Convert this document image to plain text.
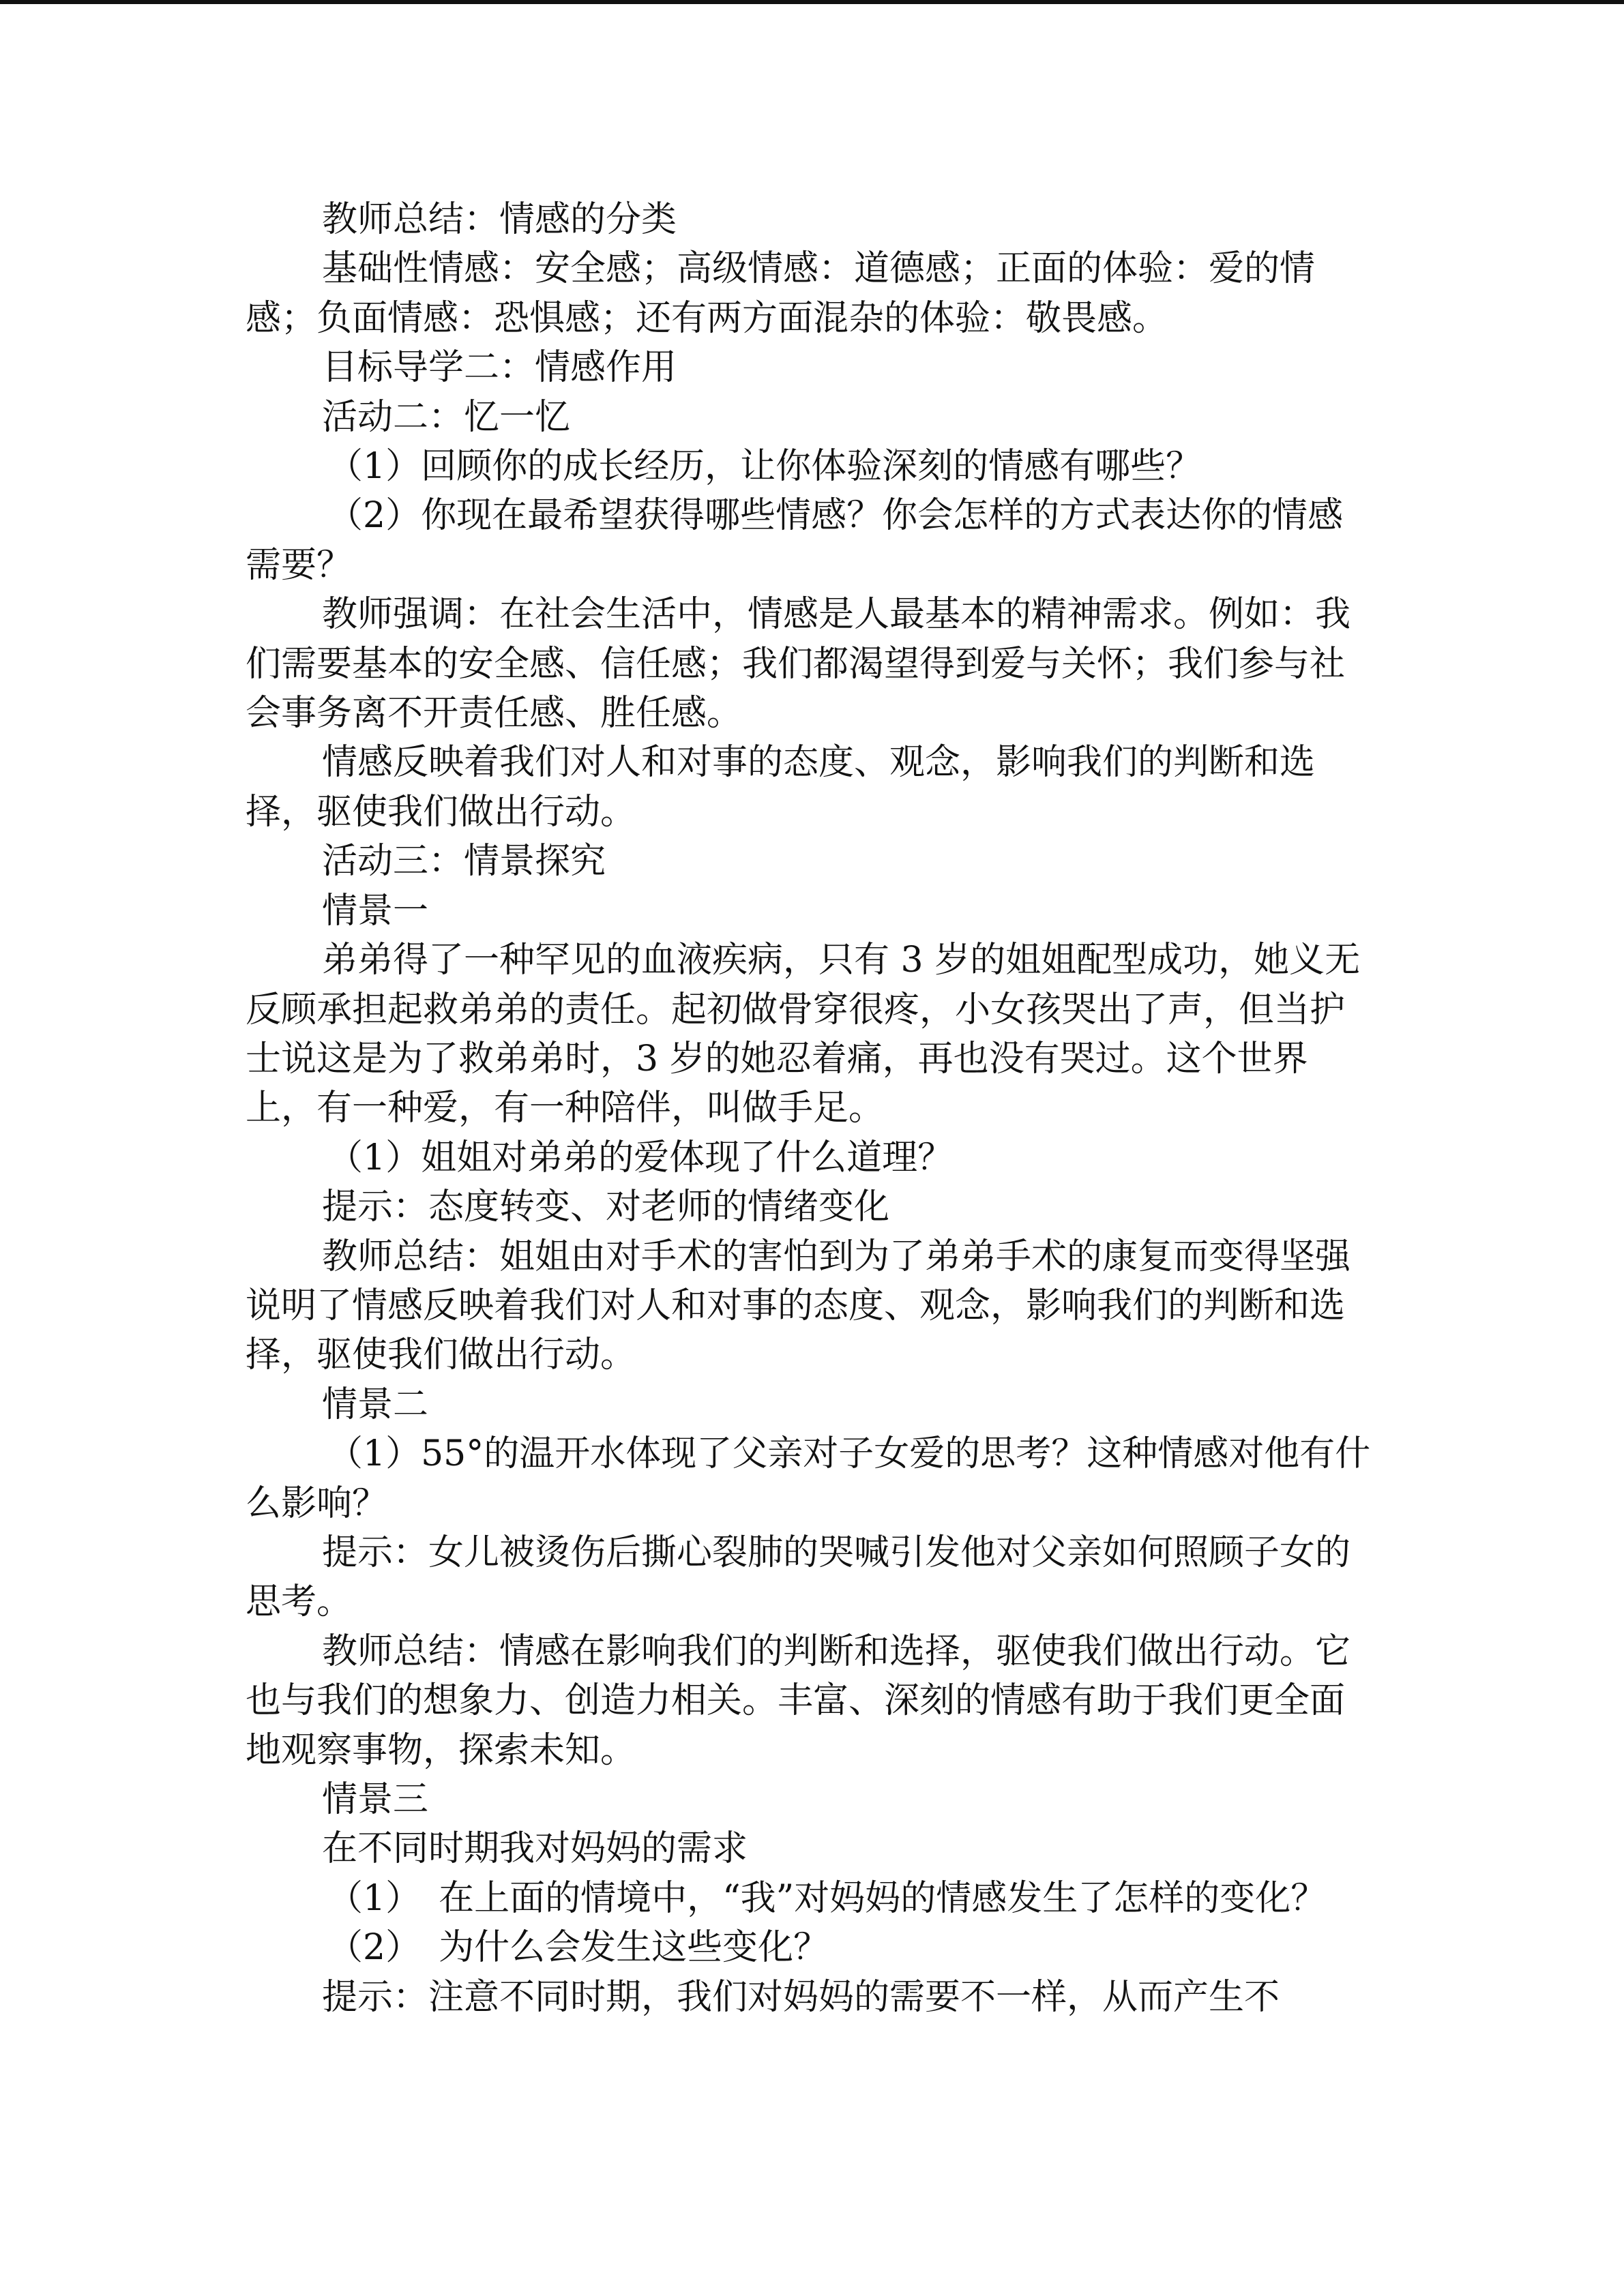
教师总结：情感的分类

基础性情感：安全感；高级情感：道德感；正面的体验：爱的情感；负面情感：恐惧感；还有两方面混杂的体验：敬畏感。

目标导学二：情感作用

活动二：忆一忆

（1）回顾你的成长经历，让你体验深刻的情感有哪些？

（2）你现在最希望获得哪些情感？你会怎样的方式表达你的情感需要？

教师强调：在社会生活中，情感是人最基本的精神需求。例如：我们需要基本的安全感、信任感；我们都渴望得到爱与关怀；我们参与社会事务离不开责任感、胜任感。

情感反映着我们对人和对事的态度、观念，影响我们的判断和选择，驱使我们做出行动。

活动三：情景探究

情景一

弟弟得了一种罕见的血液疾病，只有 3 岁的姐姐配型成功，她义无反顾承担起救弟弟的责任。起初做骨穿很疼，小女孩哭出了声，但当护士说这是为了救弟弟时，3 岁的她忍着痛，再也没有哭过。这个世界上，有一种爱，有一种陪伴，叫做手足。

（1）姐姐对弟弟的爱体现了什么道理？

提示：态度转变、对老师的情绪变化

教师总结：姐姐由对手术的害怕到为了弟弟手术的康复而变得坚强说明了情感反映着我们对人和对事的态度、观念，影响我们的判断和选择，驱使我们做出行动。

情景二

（1）55°的温开水体现了父亲对子女爱的思考？这种情感对他有什么影响？

提示：女儿被烫伤后撕心裂肺的哭喊引发他对父亲如何照顾子女的思考。

教师总结：情感在影响我们的判断和选择，驱使我们做出行动。它也与我们的想象力、创造力相关。丰富、深刻的情感有助于我们更全面地观察事物，探索未知。

情景三

在不同时期我对妈妈的需求

（1）　在上面的情境中，“我”对妈妈的情感发生了怎样的变化？

（2）　为什么会发生这些变化？

提示：注意不同时期，我们对妈妈的需要不一样，从而产生不
